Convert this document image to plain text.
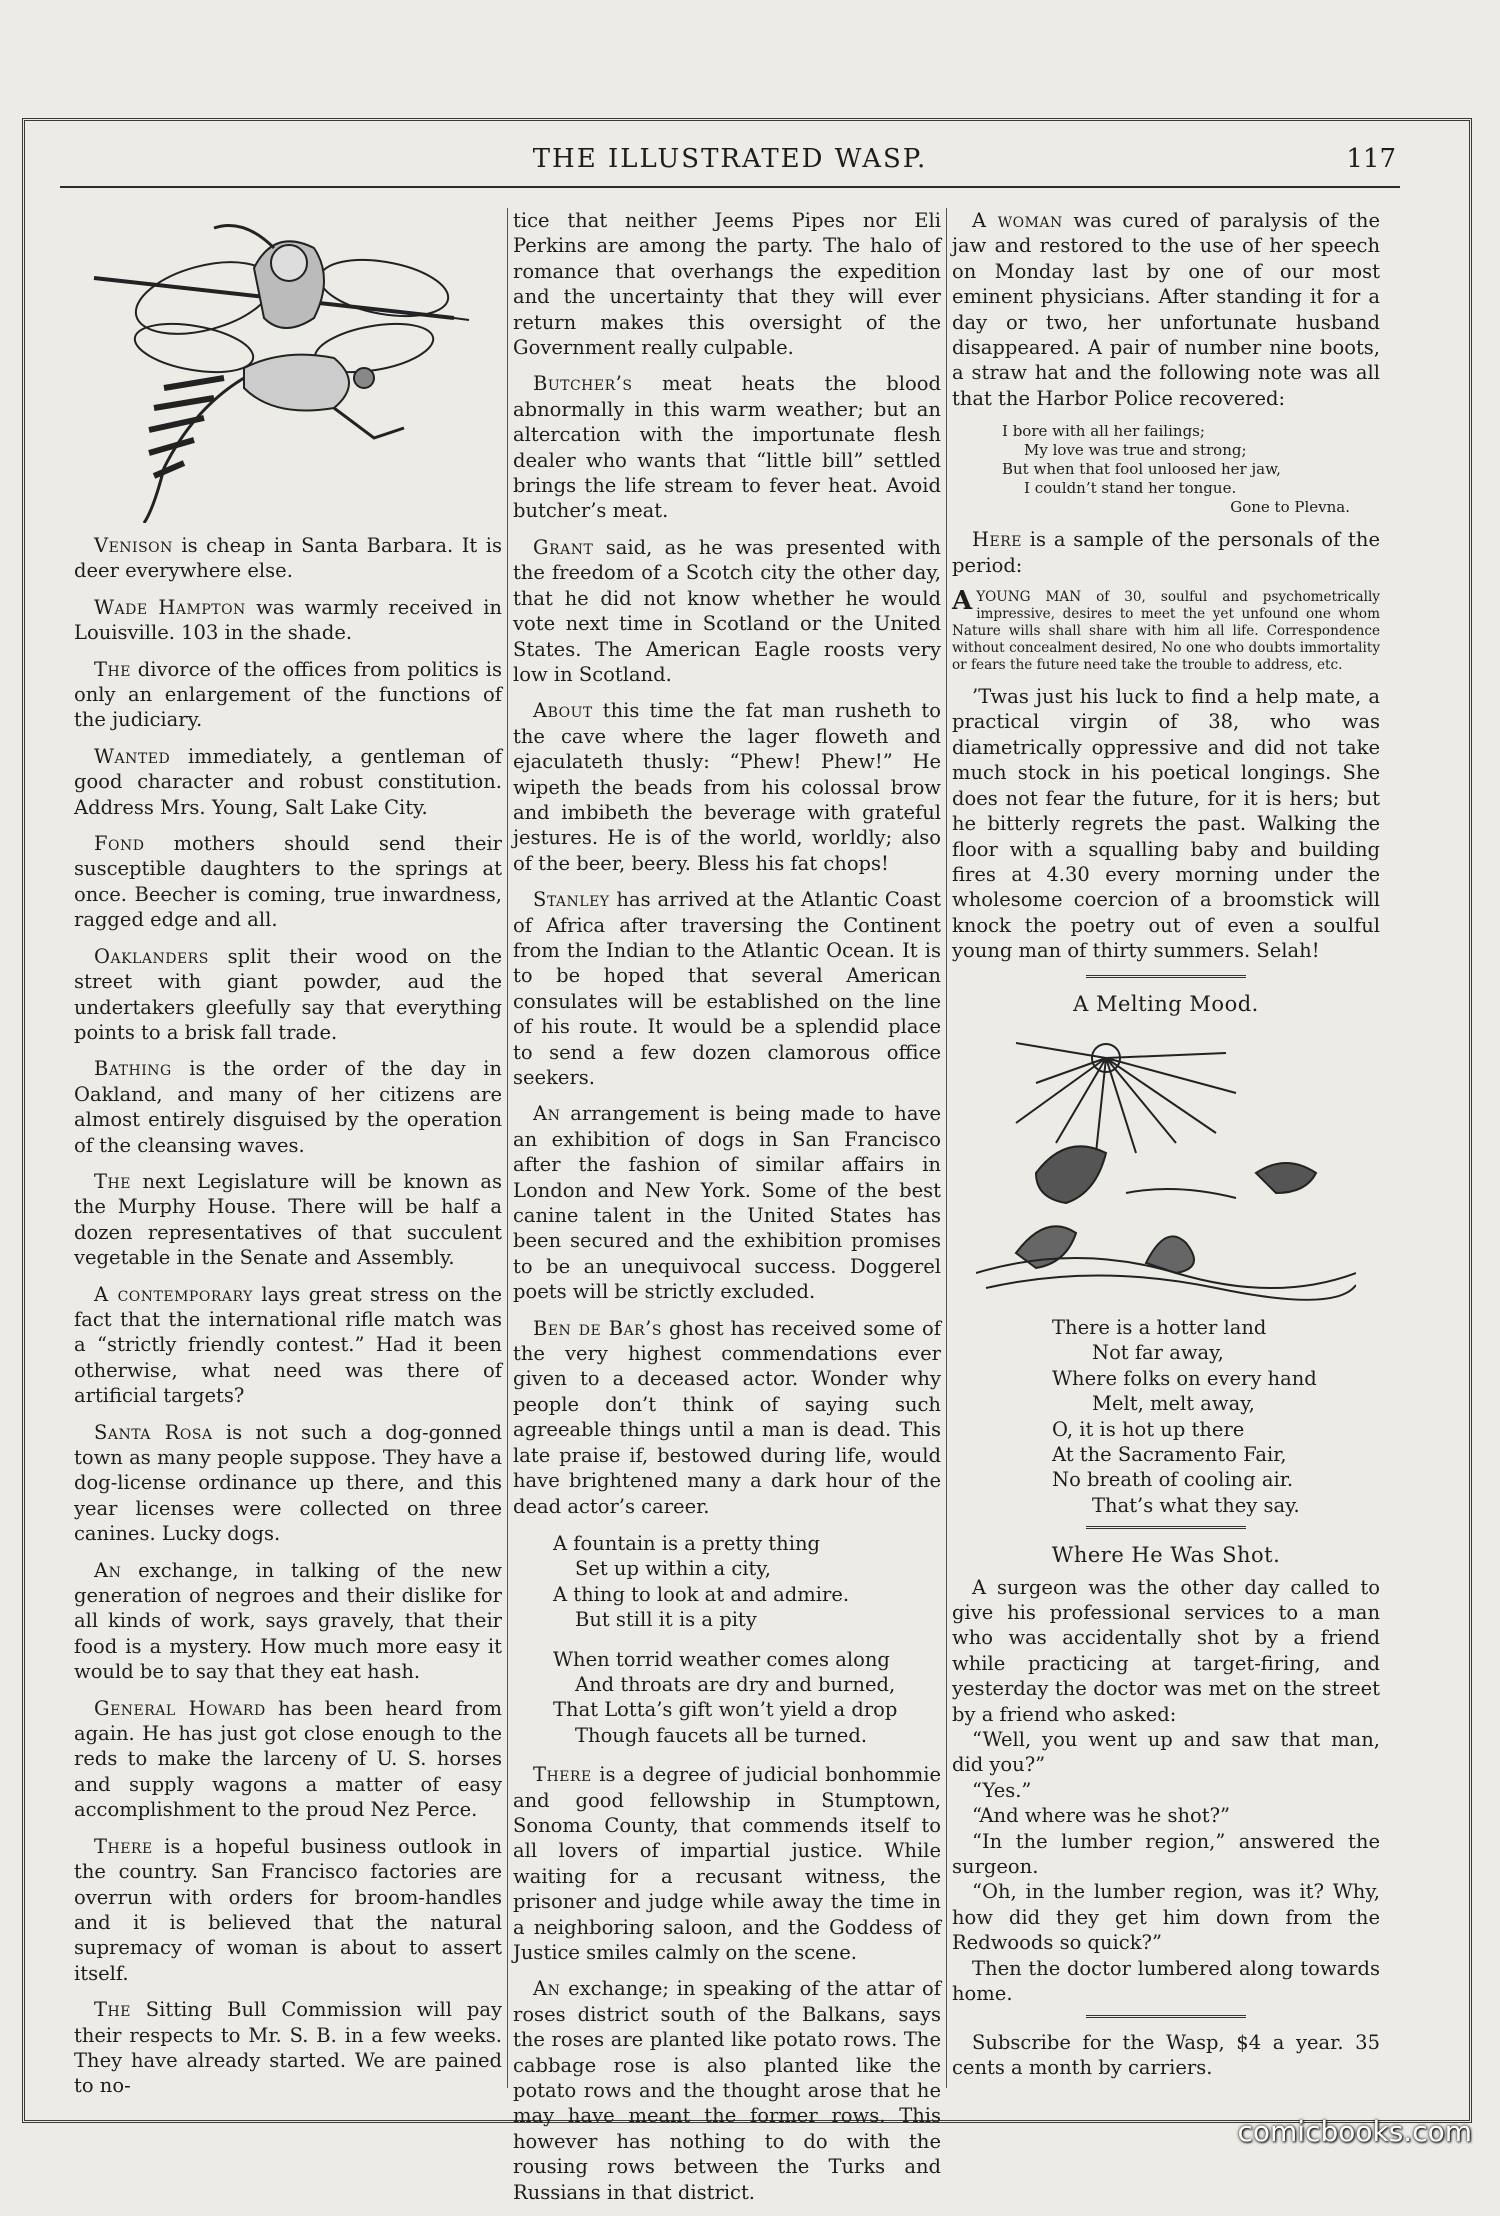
THE ILLUSTRATED WASP.	117

Venison is cheap in Santa Barbara. It is deer everywhere else.

Wade Hampton was warmly received in Louisville. 103 in the shade.

The divorce of the offices from politics is only an enlargement of the functions of the judiciary.

Wanted immediately, a gentleman of good character and robust constitution. Address Mrs. Young, Salt Lake City.

Fond mothers should send their susceptible daughters to the springs at once. Beecher is coming, true inwardness, ragged edge and all.

Oaklanders split their wood on the street with giant powder, aud the undertakers gleefully say that everything points to a brisk fall trade.

Bathing is the order of the day in Oakland, and many of her citizens are almost entirely disguised by the operation of the cleansing waves.

The next Legislature will be known as the Murphy House. There will be half a dozen representatives of that succulent vegetable in the Senate and Assembly.

A contemporary lays great stress on the fact that the international rifle match was a “strictly friendly contest.” Had it been otherwise, what need was there of artificial targets?

Santa Rosa is not such a dog-gonned town as many people suppose. They have a dog-license ordinance up there, and this year licenses were collected on three canines. Lucky dogs.

An exchange, in talking of the new generation of negroes and their dislike for all kinds of work, says gravely, that their food is a mystery. How much more easy it would be to say that they eat hash.

General Howard has been heard from again. He has just got close enough to the reds to make the larceny of U. S. horses and supply wagons a matter of easy accomplishment to the proud Nez Perce.

There is a hopeful business outlook in the country. San Francisco factories are overrun with orders for broom-handles and it is believed that the natural supremacy of woman is about to assert itself.

The Sitting Bull Commission will pay their respects to Mr. S. B. in a few weeks. They have already started. We are pained to no-

tice that neither Jeems Pipes nor Eli Perkins are among the party. The halo of romance that overhangs the expedition and the uncertainty that they will ever return makes this oversight of the Government really culpable.

Butcher’s meat heats the blood abnormally in this warm weather; but an altercation with the importunate flesh dealer who wants that “little bill” settled brings the life stream to fever heat. Avoid butcher’s meat.

Grant said, as he was presented with the freedom of a Scotch city the other day, that he did not know whether he would vote next time in Scotland or the United States. The American Eagle roosts very low in Scotland.

About this time the fat man rusheth to the cave where the lager floweth and ejaculateth thusly: “Phew! Phew!” He wipeth the beads from his colossal brow and imbibeth the beverage with grateful jestures. He is of the world, worldly; also of the beer, beery. Bless his fat chops!

Stanley has arrived at the Atlantic Coast of Africa after traversing the Continent from the Indian to the Atlantic Ocean. It is to be hoped that several American consulates will be established on the line of his route. It would be a splendid place to send a few dozen clamorous office seekers.

An arrangement is being made to have an exhibition of dogs in San Francisco after the fashion of similar affairs in London and New York. Some of the best canine talent in the United States has been secured and the exhibition promises to be an unequivocal success. Doggerel poets will be strictly excluded.

Ben de Bar’s ghost has received some of the very highest commendations ever given to a deceased actor. Wonder why people don’t think of saying such agreeable things until a man is dead. This late praise if, bestowed during life, would have brightened many a dark hour of the dead actor’s career.

A fountain is a pretty thing
Set up within a city,
A thing to look at and admire.
But still it is a pity
When torrid weather comes along
And throats are dry and burned,
That Lotta’s gift won’t yield a drop
Though faucets all be turned.

There is a degree of judicial bonhommie and good fellowship in Stumptown, Sonoma County, that commends itself to all lovers of impartial justice. While waiting for a recusant witness, the prisoner and judge while away the time in a neighboring saloon, and the Goddess of Justice smiles calmly on the scene.

An exchange; in speaking of the attar of roses district south of the Balkans, says the roses are planted like potato rows. The cabbage rose is also planted like the potato rows and the thought arose that he may have meant the former rows. This however has nothing to do with the rousing rows between the Turks and Russians in that district.

A woman was cured of paralysis of the jaw and restored to the use of her speech on Monday last by one of our most eminent physicians. After standing it for a day or two, her unfortunate husband disappeared. A pair of number nine boots, a straw hat and the following note was all that the Harbor Police recovered:

I bore with all her failings;
My love was true and strong;
But when that fool unloosed her jaw,
I couldn’t stand her tongue.
Gone to Plevna.

Here is a sample of the personals of the period:

A YOUNG MAN of 30, soulful and psychometrically impressive, desires to meet the yet unfound one whom Nature wills shall share with him all life. Correspondence without concealment desired, No one who doubts immortality or fears the future need take the trouble to address, etc.

’Twas just his luck to find a help mate, a practical virgin of 38, who was diametrically oppressive and did not take much stock in his poetical longings. She does not fear the future, for it is hers; but he bitterly regrets the past. Walking the floor with a squalling baby and building fires at 4.30 every morning under the wholesome coercion of a broomstick will knock the poetry out of even a soulful young man of thirty summers. Selah!

A Melting Mood.
There is a hotter land
Not far away,
Where folks on every hand
Melt, melt away,
O, it is hot up there
At the Sacramento Fair,
No breath of cooling air.
That’s what they say.
Where He Was Shot.

A surgeon was the other day called to give his professional services to a man who was accidentally shot by a friend while practicing at target-firing, and yesterday the doctor was met on the street by a friend who asked:

“Well, you went up and saw that man, did you?”

“Yes.”

“And where was he shot?”

“In the lumber region,” answered the surgeon.

“Oh, in the lumber region, was it? Why, how did they get him down from the Redwoods so quick?”

Then the doctor lumbered along towards home.

Subscribe for the Wasp, $4 a year. 35 cents a month by carriers.

comicbooks.com
